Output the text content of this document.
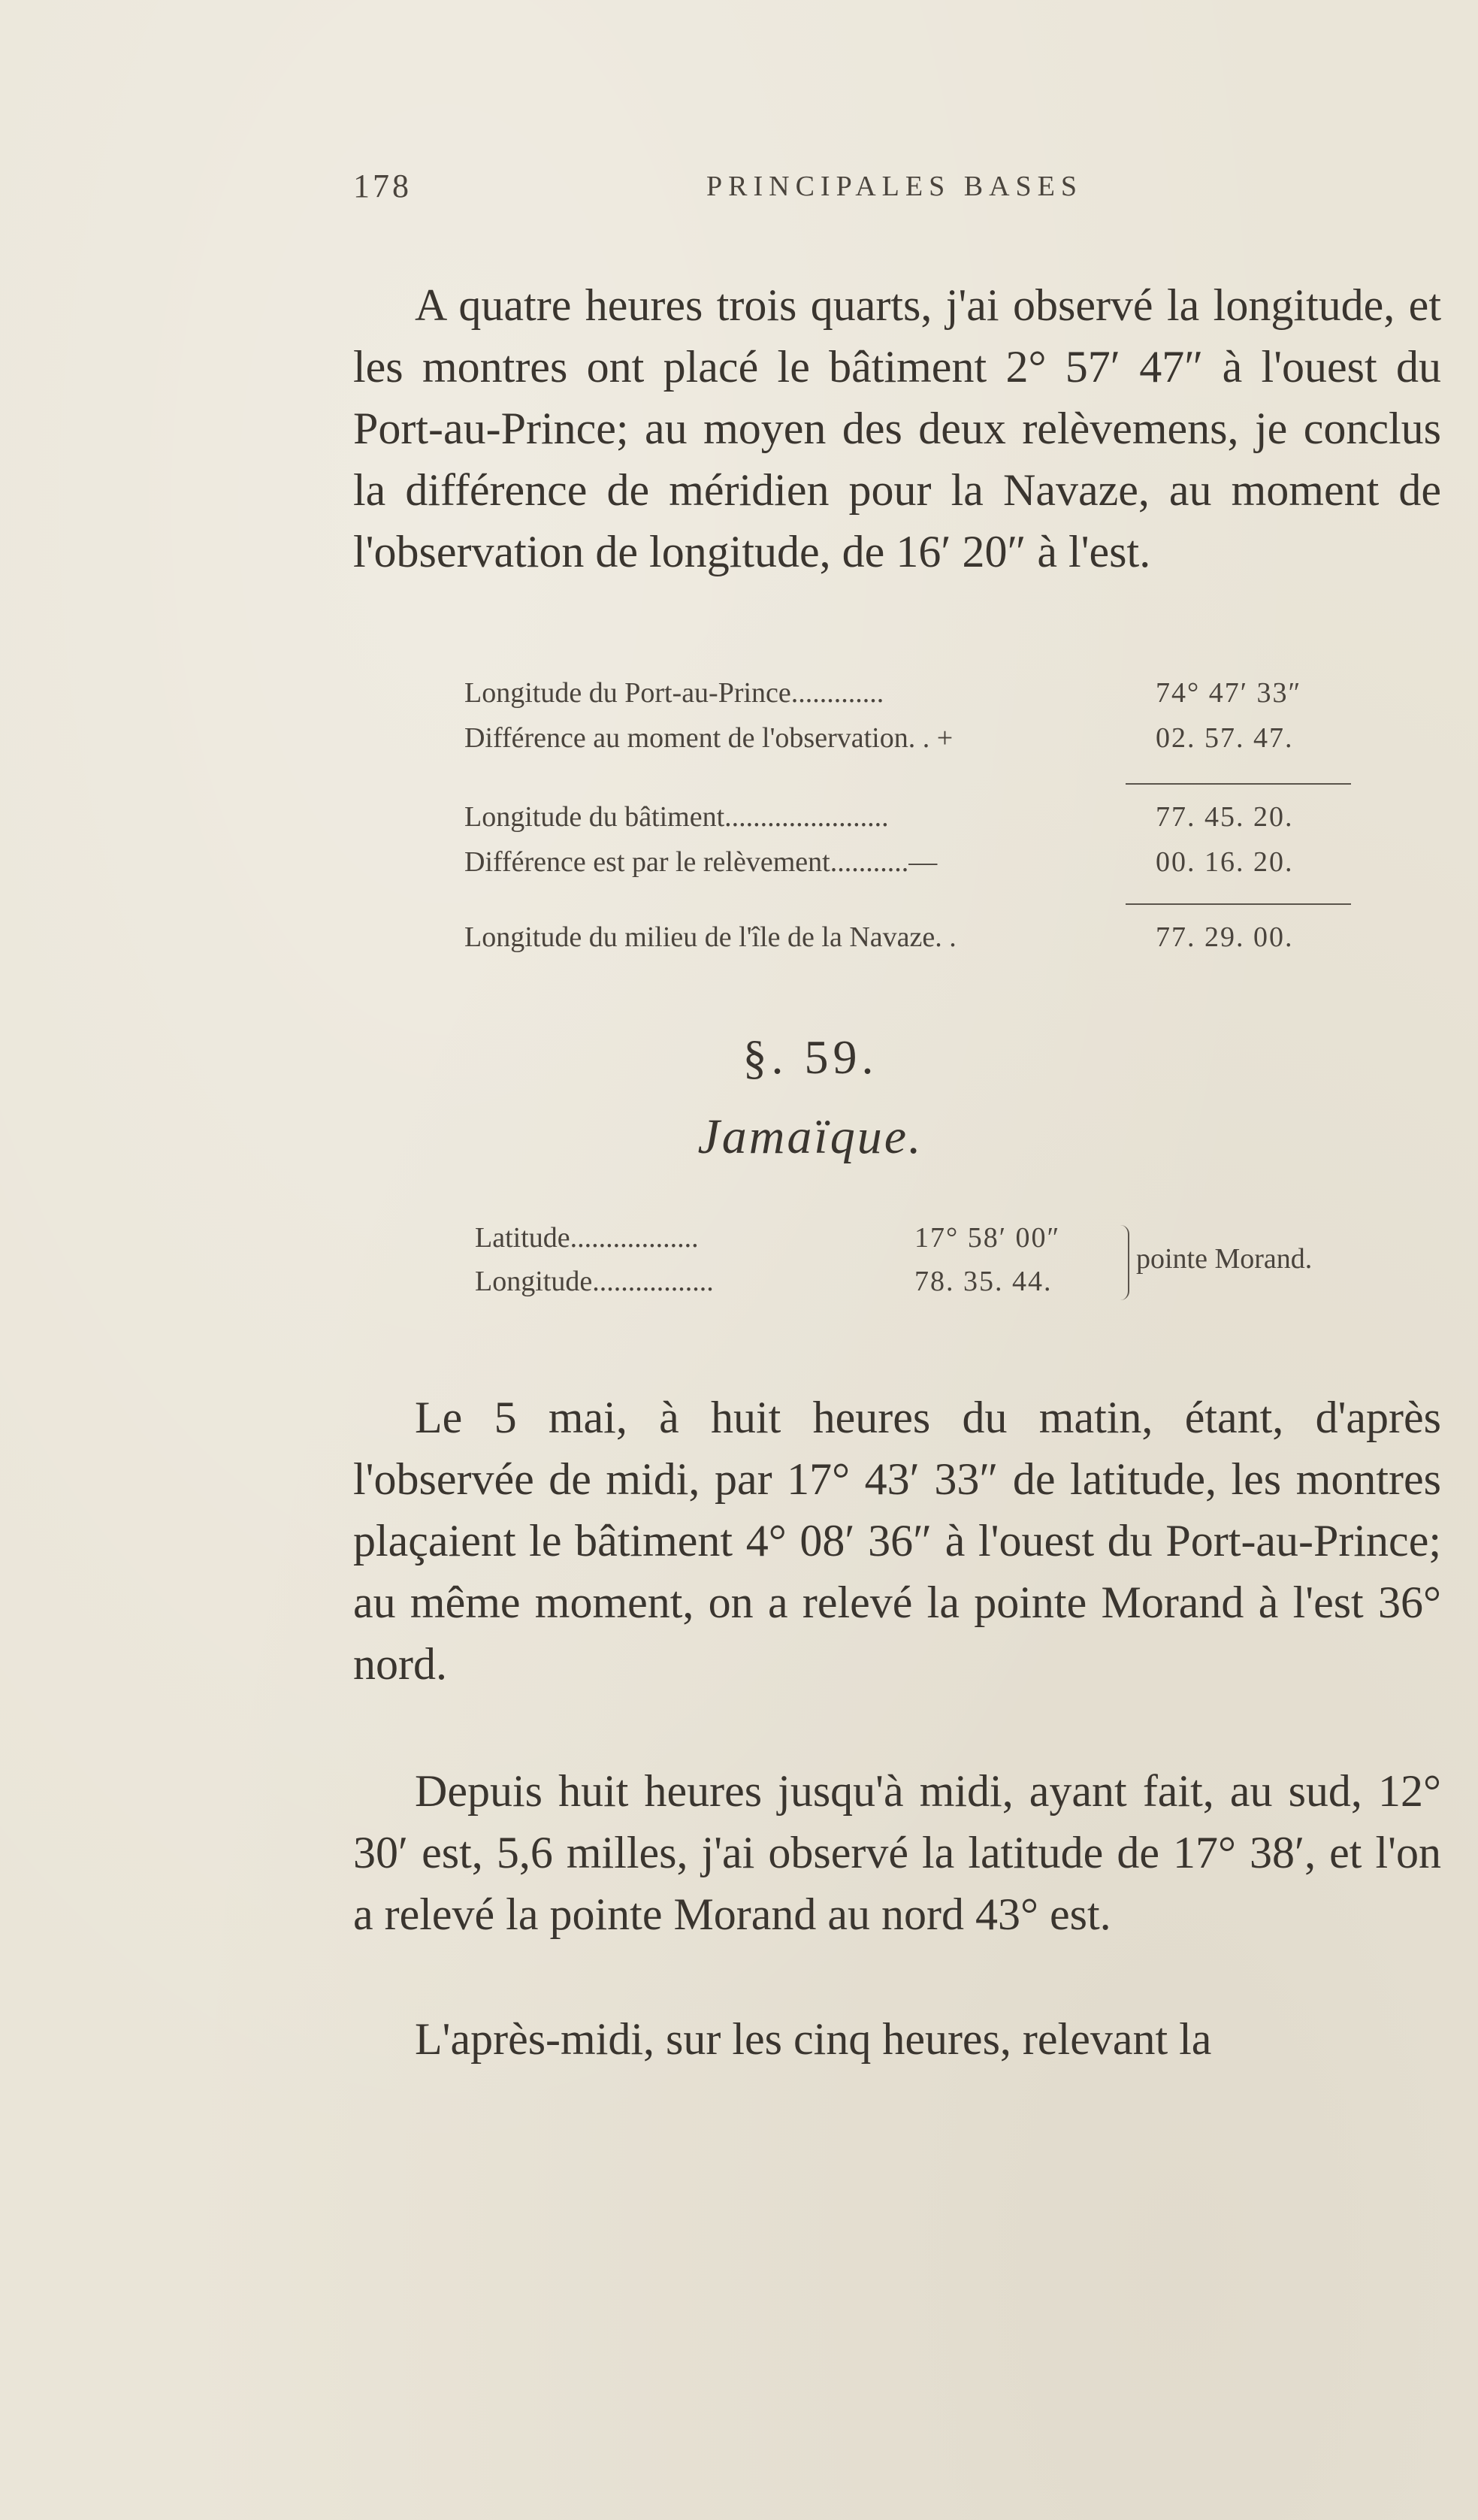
178	PRINCIPALES BASES

A quatre heures trois quarts, j'ai observé la longitude, et les montres ont placé le bâtiment 2° 57′ 47″ à l'ouest du Port-au-Prince; au moyen des deux relèvemens, je conclus la différence de méridien pour la Navaze, au moment de l'observation de longitude, de 16′ 20″ à l'est.

Longitude du Port-au-Prince.............	74° 47′ 33″
Différence au moment de l'observation. . +	02. 57. 47.
Longitude du bâtiment.......................	77. 45. 20.
Différence est par le relèvement...........—	00. 16. 20.
Longitude du milieu de l'île de la Navaze. .	77. 29. 00.
§. 59.
Jamaïque.
Latitude..................	17° 58′ 00″
Longitude.................	78. 35. 44.
pointe Morand.

Le 5 mai, à huit heures du matin, étant, d'après l'observée de midi, par 17° 43′ 33″ de latitude, les montres plaçaient le bâtiment 4° 08′ 36″ à l'ouest du Port-au-Prince; au même moment, on a relevé la pointe Morand à l'est 36° nord.

Depuis huit heures jusqu'à midi, ayant fait, au sud, 12° 30′ est, 5,6 milles, j'ai observé la latitude de 17° 38′, et l'on a relevé la pointe Morand au nord 43° est.

L'après-midi, sur les cinq heures, relevant la
